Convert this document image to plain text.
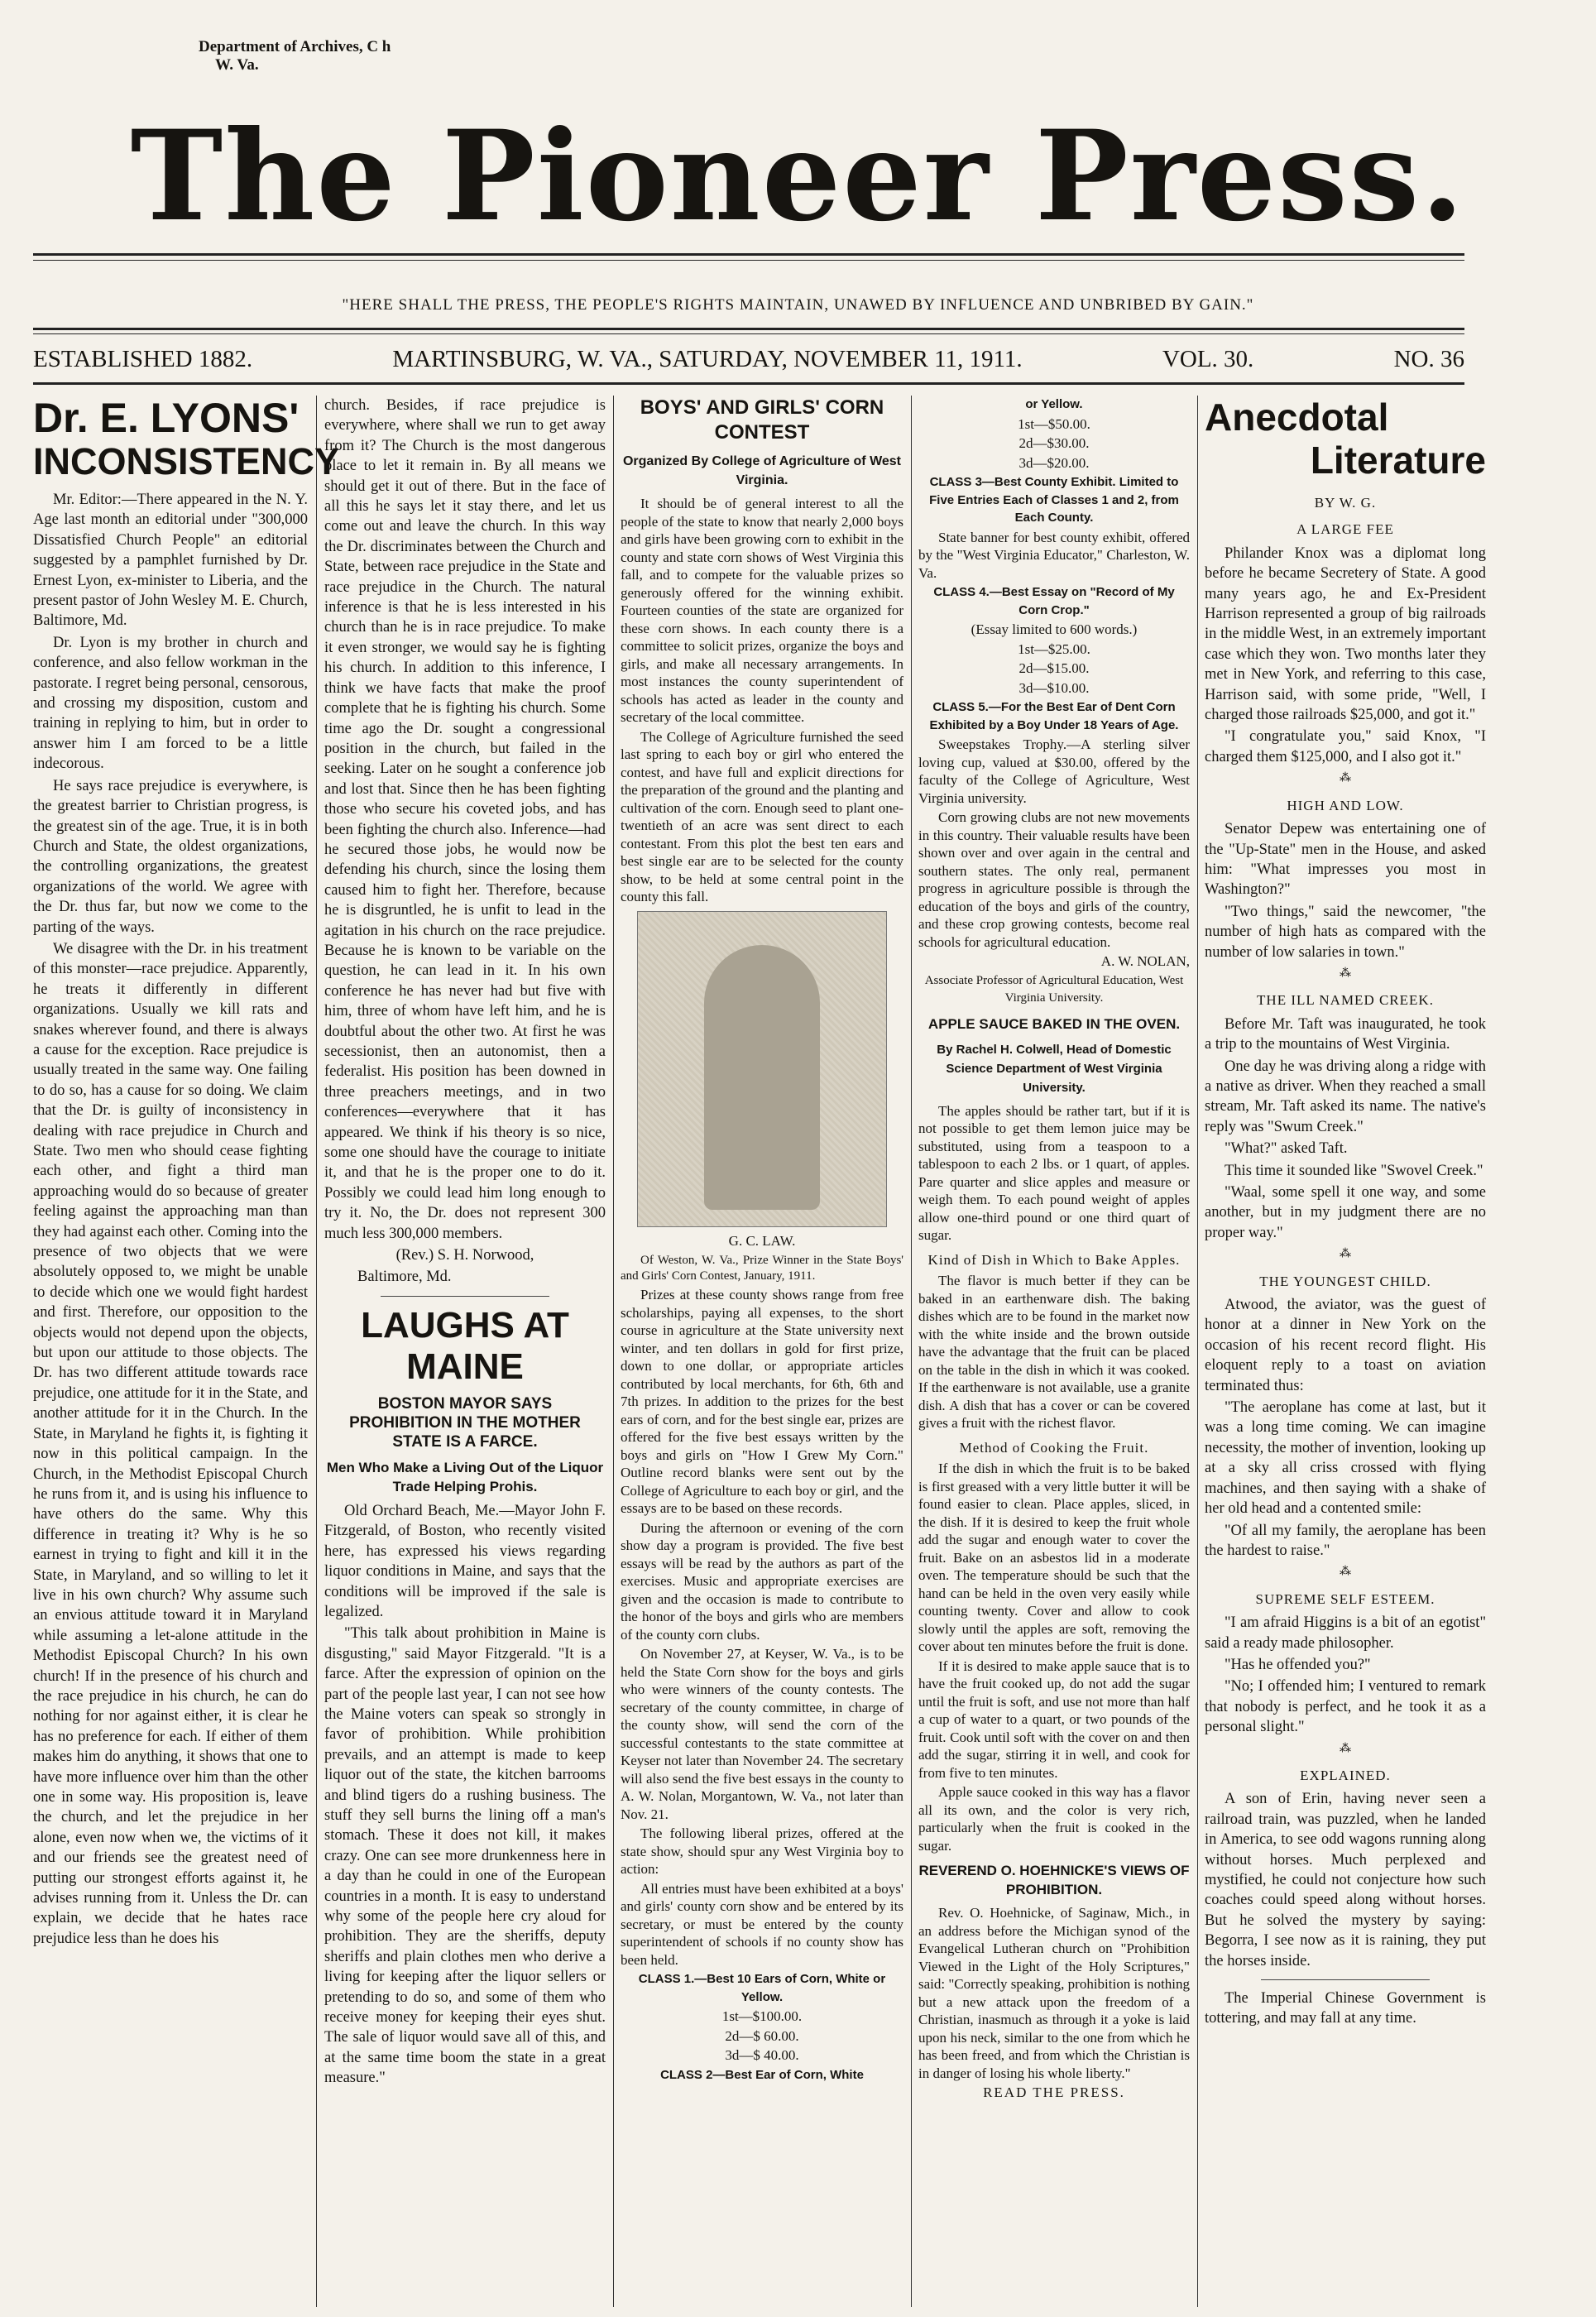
Department of Archives, C h
W. Va.
The Pioneer Press.
"HERE SHALL THE PRESS, THE PEOPLE'S RIGHTS MAINTAIN, UNAWED BY INFLUENCE AND UNBRIBED BY GAIN."
ESTABLISHED 1882.	MARTINSBURG, W. VA., SATURDAY, NOVEMBER 11, 1911.	VOL. 30.	NO. 36
Dr. E. LYONS'
INCONSISTENCY

Mr. Editor:—There appeared in the N. Y. Age last month an editorial under "300,000 Dissatisfied Church People" an editorial suggested by a pamphlet furnished by Dr. Ernest Lyon, ex-minister to Liberia, and the present pastor of John Wesley M. E. Church, Baltimore, Md.

Dr. Lyon is my brother in church and conference, and also fellow workman in the pastorate. I regret being personal, censorous, and crossing my disposition, custom and training in replying to him, but in order to answer him I am forced to be a little indecorous.

He says race prejudice is everywhere, is the greatest barrier to Christian progress, is the greatest sin of the age. True, it is in both Church and State, the oldest organizations, the controlling organizations, the greatest organizations of the world. We agree with the Dr. thus far, but now we come to the parting of the ways.

We disagree with the Dr. in his treatment of this monster—race prejudice. Apparently, he treats it differently in different organizations. Usually we kill rats and snakes wherever found, and there is always a cause for the exception. Race prejudice is usually treated in the same way. One failing to do so, has a cause for so doing. We claim that the Dr. is guilty of inconsistency in dealing with race prejudice in Church and State. Two men who should cease fighting each other, and fight a third man approaching would do so because of greater feeling against the approaching man than they had against each other. Coming into the presence of two objects that we were absolutely opposed to, we might be unable to decide which one we would fight hardest and first. Therefore, our opposition to the objects would not depend upon the objects, but upon our attitude to those objects. The Dr. has two different attitude towards race prejudice, one attitude for it in the State, and another attitude for it in the Church. In the State, in Maryland he fights it, is fighting it now in this political campaign. In the Church, in the Methodist Episcopal Church he runs from it, and is using his influence to have others do the same. Why this difference in treating it? Why is he so earnest in trying to fight and kill it in the State, in Maryland, and so willing to let it live in his own church? Why assume such an envious attitude toward it in Maryland while assuming a let-alone attitude in the Methodist Episcopal Church? In his own church! If in the presence of his church and the race prejudice in his church, he can do nothing for nor against either, it is clear he has no preference for each. If either of them makes him do anything, it shows that one to have more influence over him than the other one in some way. His proposition is, leave the church, and let the prejudice in her alone, even now when we, the victims of it and our friends see the greatest need of putting our strongest efforts against it, he advises running from it. Unless the Dr. can explain, we decide that he hates race prejudice less than he does his

church. Besides, if race prejudice is everywhere, where shall we run to get away from it? The Church is the most dangerous place to let it remain in. By all means we should get it out of there. But in the face of all this he says let it stay there, and let us come out and leave the church. In this way the Dr. discriminates between the Church and State, between race prejudice in the State and race prejudice in the Church. The natural inference is that he is less interested in his church than he is in race prejudice. To make it even stronger, we would say he is fighting his church. In addition to this inference, I think we have facts that make the proof complete that he is fighting his church. Some time ago the Dr. sought a congressional position in the church, but failed in the seeking. Later on he sought a conference job and lost that. Since then he has been fighting those who secure his coveted jobs, and has been fighting the church also. Inference—had he secured those jobs, he would now be defending his church, since the losing them caused him to fight her. Therefore, because he is disgruntled, he is unfit to lead in the agitation in his church on the race prejudice. Because he is known to be variable on the question, he can lead in it. In his own conference he has never had but five with him, three of whom have left him, and he is doubtful about the other two. At first he was secessionist, then an autonomist, then a federalist. His position has been downed in three preachers meetings, and in two conferences—everywhere that it has appeared. We think if his theory is so nice, some one should have the courage to initiate it, and that he is the proper one to do it. Possibly we could lead him long enough to try it. No, the Dr. does not represent 300 much less 300,000 members.

(Rev.) S. H. Norwood,

Baltimore, Md.

LAUGHS AT MAINE
BOSTON MAYOR SAYS PROHIBITION IN THE MOTHER STATE IS A FARCE.
Men Who Make a Living Out of the Liquor Trade Helping Prohis.

Old Orchard Beach, Me.—Mayor John F. Fitzgerald, of Boston, who recently visited here, has expressed his views regarding liquor conditions in Maine, and says that the conditions will be improved if the sale is legalized.

"This talk about prohibition in Maine is disgusting," said Mayor Fitzgerald. "It is a farce. After the expression of opinion on the part of the people last year, I can not see how the Maine voters can speak so strongly in favor of prohibition. While prohibition prevails, and an attempt is made to keep liquor out of the state, the kitchen barrooms and blind tigers do a rushing business. The stuff they sell burns the lining off a man's stomach. These it does not kill, it makes crazy. One can see more drunkenness here in a day than he could in one of the European countries in a month. It is easy to understand why some of the people here cry aloud for prohibition. They are the sheriffs, deputy sheriffs and plain clothes men who derive a living for keeping after the liquor sellers or pretending to do so, and some of them who receive money for keeping their eyes shut. The sale of liquor would save all of this, and at the same time boom the state in a great measure."

BOYS' AND GIRLS' CORN CONTEST
Organized By College of Agriculture of West Virginia.

It should be of general interest to all the people of the state to know that nearly 2,000 boys and girls have been growing corn to exhibit in the county and state corn shows of West Virginia this fall, and to compete for the valuable prizes so generously offered for the winning exhibit. Fourteen counties of the state are organized for these corn shows. In each county there is a committee to solicit prizes, organize the boys and girls, and make all necessary arrangements. In most instances the county superintendent of schools has acted as leader in the county and secretary of the local committee.

The College of Agriculture furnished the seed last spring to each boy or girl who entered the contest, and have full and explicit directions for the preparation of the ground and the planting and cultivation of the corn. Enough seed to plant one-twentieth of an acre was sent direct to each contestant. From this plot the best ten ears and best single ear are to be selected for the county show, to be held at some central point in the county this fall.

G. C. LAW.

Of Weston, W. Va., Prize Winner in the State Boys' and Girls' Corn Contest, January, 1911.

Prizes at these county shows range from free scholarships, paying all expenses, to the short course in agriculture at the State university next winter, and ten dollars in gold for first prize, down to one dollar, or appropriate articles contributed by local merchants, for 6th, 6th and 7th prizes. In addition to the prizes for the best ears of corn, and for the best single ear, prizes are offered for the five best essays written by the boys and girls on "How I Grew My Corn." Outline record blanks were sent out by the College of Agriculture to each boy or girl, and the essays are to be based on these records.

During the afternoon or evening of the corn show day a program is provided. The five best essays will be read by the authors as part of the exercises. Music and appropriate exercises are given and the occasion is made to contribute to the honor of the boys and girls who are members of the county corn clubs.

On November 27, at Keyser, W. Va., is to be held the State Corn show for the boys and girls who were winners of the county contests. The secretary of the county committee, in charge of the county show, will send the corn of the successful contestants to the state committee at Keyser not later than November 24. The secretary will also send the five best essays in the county to A. W. Nolan, Morgantown, W. Va., not later than Nov. 21.

The following liberal prizes, offered at the state show, should spur any West Virginia boy to action:

All entries must have been exhibited at a boys' and girls' county corn show and be entered by its secretary, or must be entered by the county superintendent of schools if no county show has been held.

CLASS 1.—Best 10 Ears of Corn, White or Yellow.

1st—$100.00.

2d—$ 60.00.

3d—$ 40.00.

CLASS 2—Best Ear of Corn, White

or Yellow.

1st—$50.00.

2d—$30.00.

3d—$20.00.

CLASS 3—Best County Exhibit. Limited to Five Entries Each of Classes 1 and 2, from Each County.

State banner for best county exhibit, offered by the "West Virginia Educator," Charleston, W. Va.

CLASS 4.—Best Essay on "Record of My Corn Crop."

(Essay limited to 600 words.)

1st—$25.00.

2d—$15.00.

3d—$10.00.

CLASS 5.—For the Best Ear of Dent Corn Exhibited by a Boy Under 18 Years of Age.

Sweepstakes Trophy.—A sterling silver loving cup, valued at $30.00, offered by the faculty of the College of Agriculture, West Virginia university.

Corn growing clubs are not new movements in this country. Their valuable results have been shown over and over again in the central and southern states. The only real, permanent progress in agriculture possible is through the education of the boys and girls of the country, and these crop growing contests, become real schools for agricultural education.

A. W. NOLAN,

Associate Professor of Agricultural Education, West Virginia University.

APPLE SAUCE BAKED IN THE OVEN.
By Rachel H. Colwell, Head of Domestic Science Department of West Virginia University.

The apples should be rather tart, but if it is not possible to get them lemon juice may be substituted, using from a teaspoon to a tablespoon to each 2 lbs. or 1 quart, of apples. Pare quarter and slice apples and measure or weigh them. To each pound weight of apples allow one-third pound or one third quart of sugar.

Kind of Dish in Which to Bake Apples.

The flavor is much better if they can be baked in an earthenware dish. The baking dishes which are to be found in the market now with the white inside and the brown outside have the advantage that the fruit can be placed on the table in the dish in which it was cooked. If the earthenware is not available, use a granite dish. A dish that has a cover or can be covered gives a fruit with the richest flavor.

Method of Cooking the Fruit.

If the dish in which the fruit is to be baked is first greased with a very little butter it will be found easier to clean. Place apples, sliced, in the dish. If it is desired to keep the fruit whole add the sugar and enough water to cover the fruit. Bake on an asbestos lid in a moderate oven. The temperature should be such that the hand can be held in the oven very easily while counting twenty. Cover and allow to cook slowly until the apples are soft, removing the cover about ten minutes before the fruit is done.

If it is desired to make apple sauce that is to have the fruit cooked up, do not add the sugar until the fruit is soft, and use not more than half a cup of water to a quart, or two pounds of the fruit. Cook until soft with the cover on and then add the sugar, stirring it in well, and cook for from five to ten minutes.

Apple sauce cooked in this way has a flavor all its own, and the color is very rich, particularly when the fruit is cooked in the sugar.

REVEREND O. HOEHNICKE'S VIEWS OF PROHIBITION.

Rev. O. Hoehnicke, of Saginaw, Mich., in an address before the Michigan synod of the Evangelical Lutheran church on "Prohibition Viewed in the Light of the Holy Scriptures," said: "Correctly speaking, prohibition is nothing but a new attack upon the freedom of a Christian, inasmuch as through it a yoke is laid upon his neck, similar to the one from which he has been freed, and from which the Christian is in danger of losing his whole liberty."

READ THE PRESS.

Anecdotal
Literature
BY W. G.
A LARGE FEE

Philander Knox was a diplomat long before he became Secretery of State. A good many years ago, he and Ex-President Harrison represented a group of big railroads in the middle West, in an extremely important case which they won. Two months later they met in New York, and referring to this case, Harrison said, with some pride, "Well, I charged those railroads $25,000, and got it."

"I congratulate you," said Knox, "I charged them $125,000, and I also got it."

⁂
HIGH AND LOW.

Senator Depew was entertaining one of the "Up-State" men in the House, and asked him: "What impresses you most in Washington?"

"Two things," said the newcomer, "the number of high hats as compared with the number of low salaries in town."

⁂
THE ILL NAMED CREEK.

Before Mr. Taft was inaugurated, he took a trip to the mountains of West Virginia.

One day he was driving along a ridge with a native as driver. When they reached a small stream, Mr. Taft asked its name. The native's reply was "Swum Creek."

"What?" asked Taft.

This time it sounded like "Swovel Creek."

"Waal, some spell it one way, and some another, but in my judgment there are no proper way."

⁂
THE YOUNGEST CHILD.

Atwood, the aviator, was the guest of honor at a dinner in New York on the occasion of his recent record flight. His eloquent reply to a toast on aviation terminated thus:

"The aeroplane has come at last, but it was a long time coming. We can imagine necessity, the mother of invention, looking up at a sky all criss crossed with flying machines, and then saying with a shake of her old head and a contented smile:

"Of all my family, the aeroplane has been the hardest to raise."

⁂
SUPREME SELF ESTEEM.

"I am afraid Higgins is a bit of an egotist" said a ready made philosopher.

"Has he offended you?"

"No; I offended him; I ventured to remark that nobody is perfect, and he took it as a personal slight."

⁂
EXPLAINED.

A son of Erin, having never seen a railroad train, was puzzled, when he landed in America, to see odd wagons running along without horses. Much perplexed and mystified, he could not conjecture how such coaches could speed along without horses. But he solved the mystery by saying: Begorra, I see now as it is raining, they put the horses inside.

The Imperial Chinese Government is tottering, and may fall at any time.
